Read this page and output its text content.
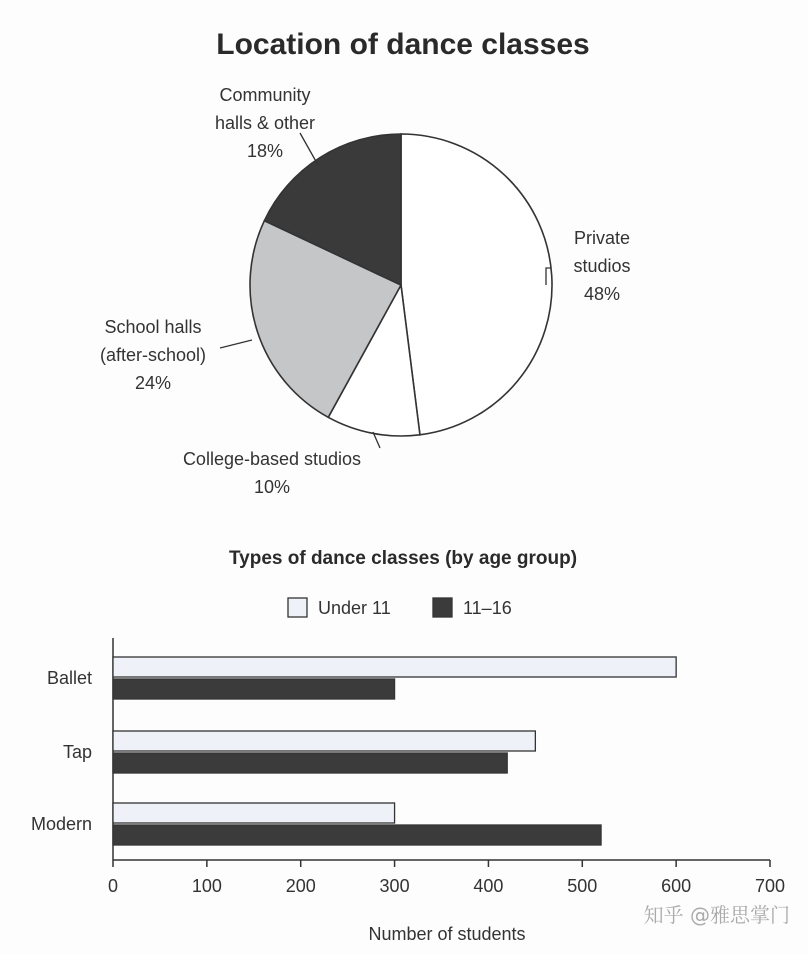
Location of dance classes
Private studios 48%
College-based studios 10%
School halls (after-school) 24%
Community halls & other 18%
Types of dance classes (by age group)
Under 11	11–16
0	100	200	300	400	500	600	700
Ballet
Tap
Modern
Number of students
知乎 @雅思掌门
